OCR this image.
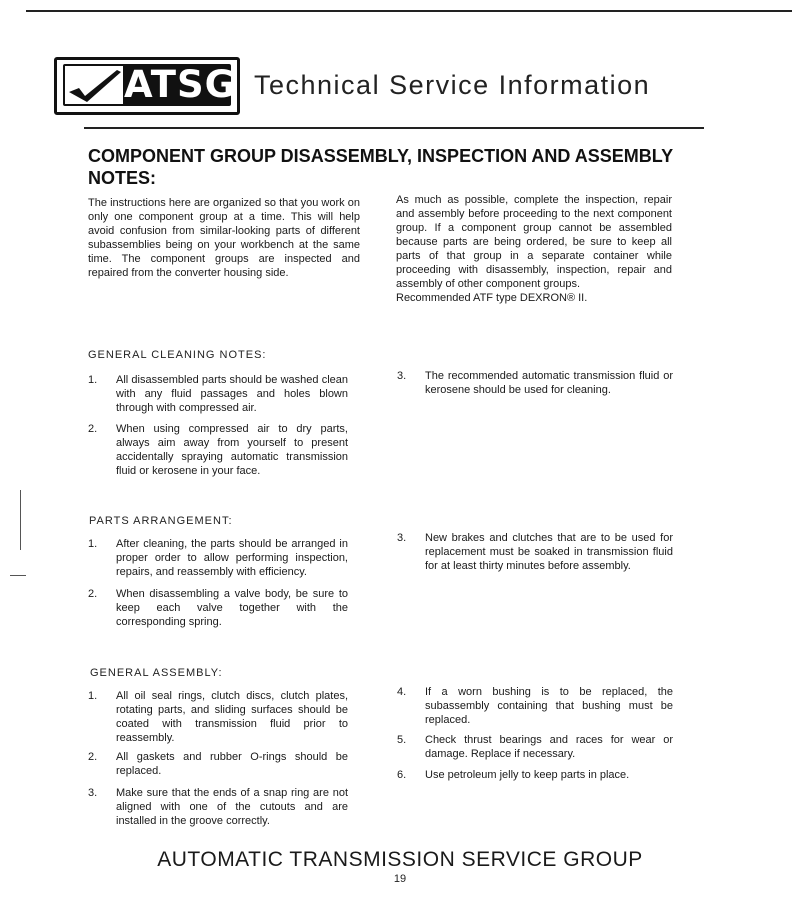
ATSG Technical Service Information
COMPONENT GROUP DISASSEMBLY, INSPECTION AND ASSEMBLY NOTES:
The instructions here are organized so that you work on only one component group at a time. This will help avoid confusion from similar-looking parts of different subassemblies being on your workbench at the same time. The component groups are inspected and repaired from the converter housing side.
As much as possible, complete the inspection, repair and assembly before proceeding to the next component group. If a component group cannot be assembled because parts are being ordered, be sure to keep all parts of that group in a separate container while proceeding with disassembly, inspection, repair and assembly of other component groups.
Recommended ATF type DEXRON® II.
GENERAL CLEANING NOTES:
1. All disassembled parts should be washed clean with any fluid passages and holes blown through with compressed air.
2. When using compressed air to dry parts, always aim away from yourself to present accidentally spraying automatic transmission fluid or kerosene in your face.
3. The recommended automatic transmission fluid or kerosene should be used for cleaning.
PARTS ARRANGEMENT:
1. After cleaning, the parts should be arranged in proper order to allow performing inspection, repairs, and reassembly with efficiency.
2. When disassembling a valve body, be sure to keep each valve together with the corresponding spring.
3. New brakes and clutches that are to be used for replacement must be soaked in transmission fluid for at least thirty minutes before assembly.
GENERAL ASSEMBLY:
1. All oil seal rings, clutch discs, clutch plates, rotating parts, and sliding surfaces should be coated with transmission fluid prior to reassembly.
2. All gaskets and rubber O-rings should be replaced.
3. Make sure that the ends of a snap ring are not aligned with one of the cutouts and are installed in the groove correctly.
4. If a worn bushing is to be replaced, the subassembly containing that bushing must be replaced.
5. Check thrust bearings and races for wear or damage. Replace if necessary.
6. Use petroleum jelly to keep parts in place.
AUTOMATIC TRANSMISSION SERVICE GROUP
19
